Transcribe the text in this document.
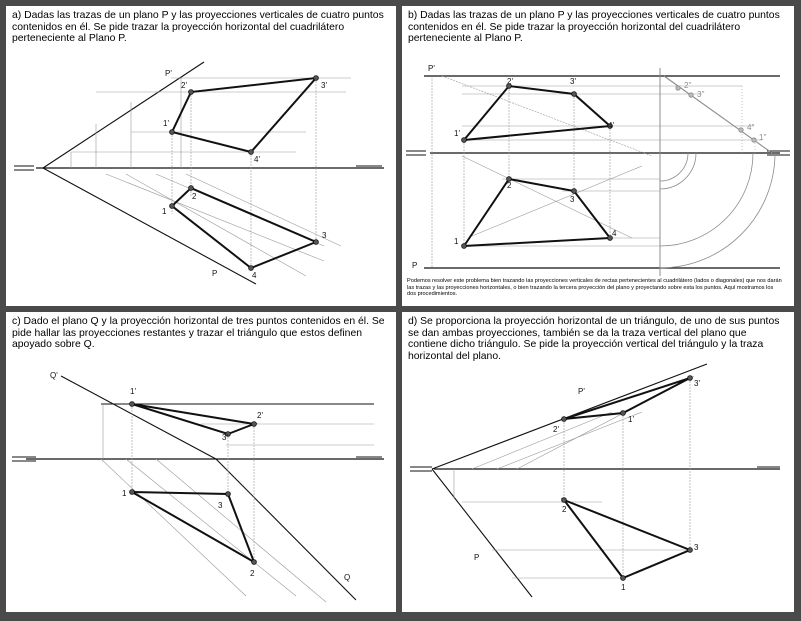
a) Dadas las trazas de un plano P y las proyecciones verticales de cuatro puntos contenidos en él. Se pide trazar la proyección horizontal del cuadrilátero perteneciente al Plano P.
P'
P
1'
2'	3'
4'
1
2
3
4
b) Dadas las trazas de un plano P y las proyecciones verticales de cuatro puntos contenidos en él. Se pide trazar la proyección horizontal del cuadrilátero perteneciente al Plano P.
P'
P
1'
2'	3'
4'
1
2
3
4
2''
3''
4''
1''
Podemos resolver este problema bien trazando las proyecciones verticales de rectas pertenecientes al cuadrilátero (lados o diagonales) que nos darán las trazas y las proyecciones horizontales, o bien trazando la tercera proyección del plano y proyectando sobre esta los puntos. Aquí mostramos los dos procedimientos.
c) Dado el plano Q y la proyección horizontal de tres puntos contenidos en él. Se pide hallar las proyecciones restantes y trazar el triángulo que estos definen apoyado sobre Q.
Q'
Q
1'
2'
3'
1
3
2
d) Se proporciona la proyección horizontal de un triángulo, de uno de sus puntos se dan ambas proyecciones, también se da la traza vertical del plano que contiene dicho triángulo. Se pide la proyección vertical del triángulo y la traza horizontal del plano.
P'
P
1'
2'
3'
1
2
3
